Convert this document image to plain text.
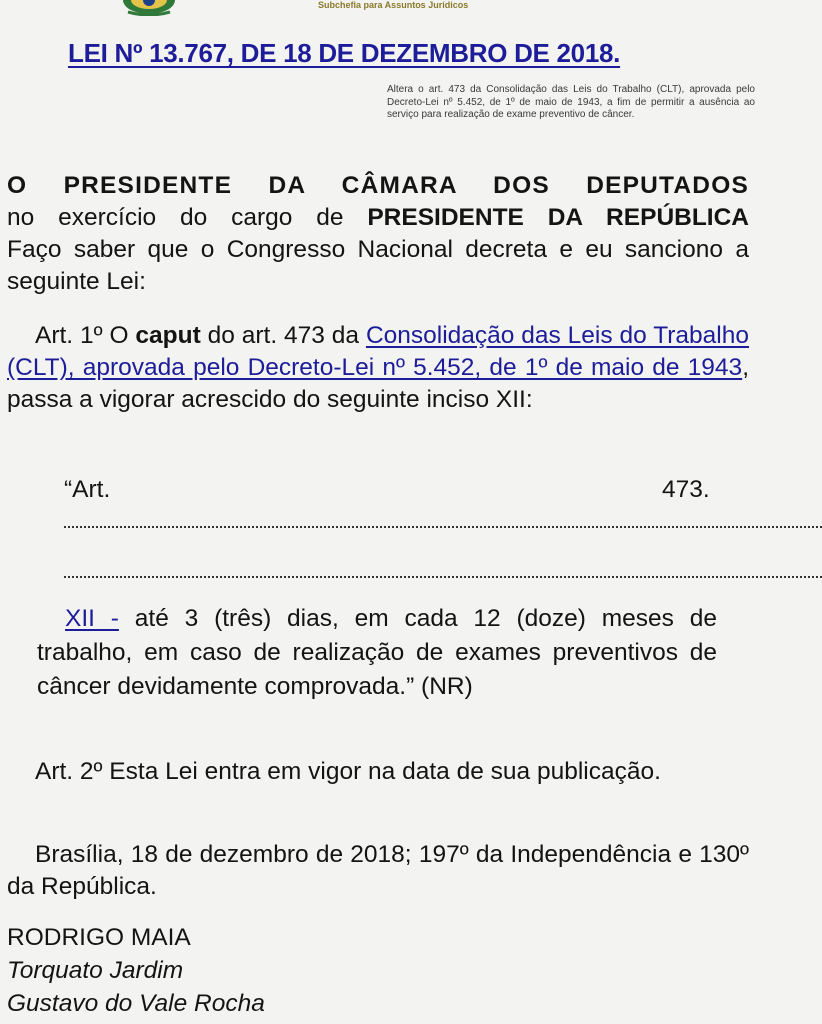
Subchefia para Assuntos Jurídicos
LEI Nº 13.767, DE 18 DE DEZEMBRO DE 2018.
Altera o art. 473 da Consolidação das Leis do Trabalho (CLT), aprovada pelo Decreto-Lei nº 5.452, de 1º de maio de 1943, a fim de permitir a ausência ao serviço para realização de exame preventivo de câncer.
O PRESIDENTE DA CÂMARA DOS DEPUTADOS
no exercício do cargo de PRESIDENTE DA REPÚBLICA
Faço saber que o Congresso Nacional decreta e eu sanciono a seguinte Lei:
Art. 1º O caput do art. 473 da Consolidação das Leis do Trabalho (CLT), aprovada pelo Decreto-Lei nº 5.452, de 1º de maio de 1943, passa a vigorar acrescido do seguinte inciso XII:
“Art.	473.
XII - até 3 (três) dias, em cada 12 (doze) meses de trabalho, em caso de realização de exames preventivos de câncer devidamente comprovada.” (NR)
Art. 2º Esta Lei entra em vigor na data de sua publicação.
Brasília, 18 de dezembro de 2018; 197º da Independência e 130º da República.
RODRIGO MAIA
Torquato Jardim
Gustavo do Vale Rocha
